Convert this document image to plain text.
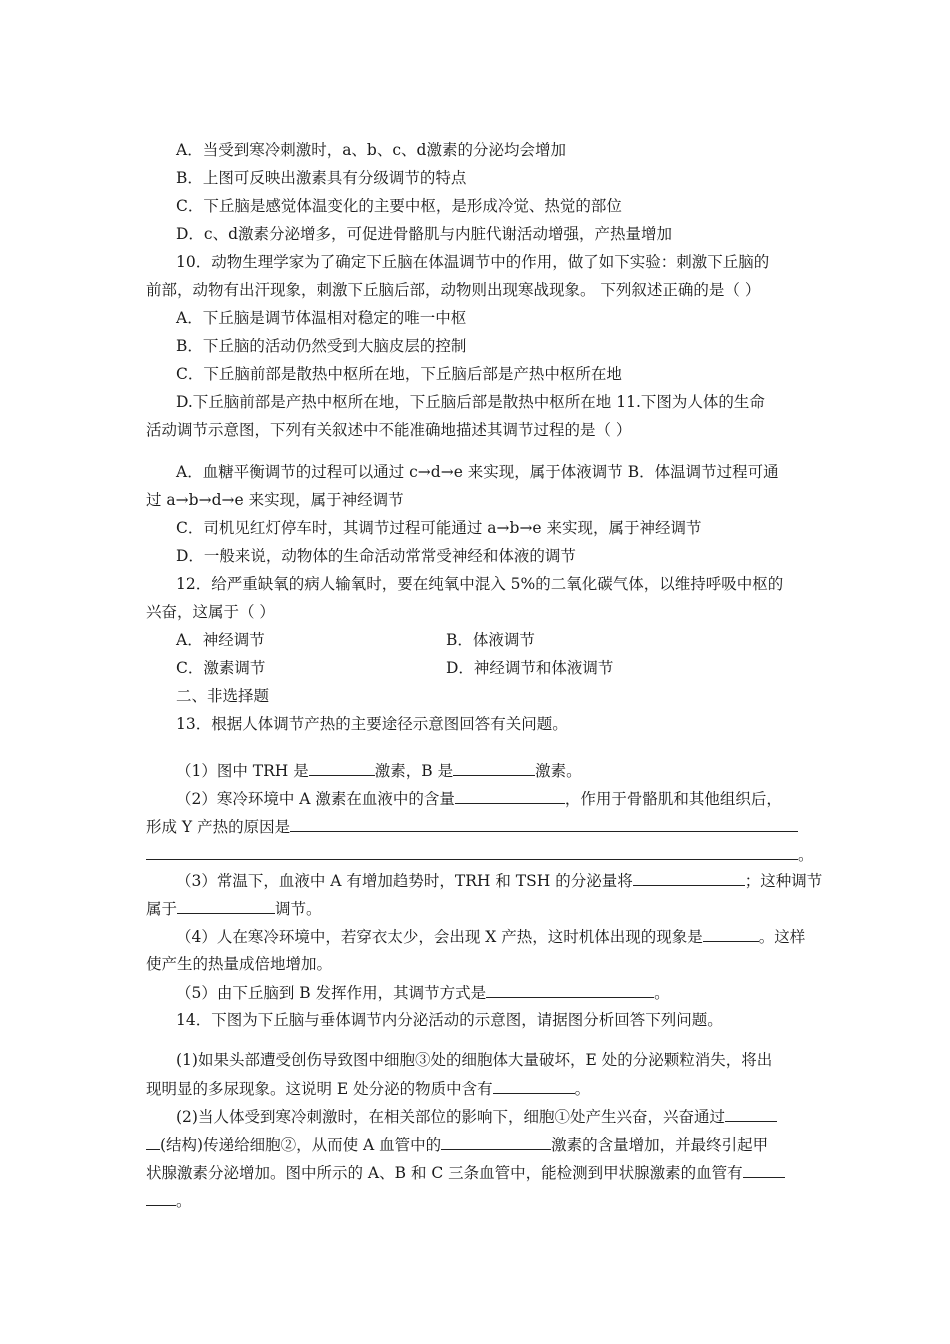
A．当受到寒冷刺激时，a、b、c、d激素的分泌均会增加
B．上图可反映出激素具有分级调节的特点
C．下丘脑是感觉体温变化的主要中枢，是形成冷觉、热觉的部位
D．c、d激素分泌增多，可促进骨骼肌与内脏代谢活动增强，产热量增加
10．动物生理学家为了确定下丘脑在体温调节中的作用，做了如下实验：刺激下丘脑的
前部，动物有出汗现象，刺激下丘脑后部，动物则出现寒战现象。 下列叙述正确的是（ ）
A．下丘脑是调节体温相对稳定的唯一中枢
B．下丘脑的活动仍然受到大脑皮层的控制
C．下丘脑前部是散热中枢所在地，下丘脑后部是产热中枢所在地
D.下丘脑前部是产热中枢所在地，下丘脑后部是散热中枢所在地 11.下图为人体的生命
活动调节示意图，下列有关叙述中不能准确地描述其调节过程的是（ ）
A．血糖平衡调节的过程可以通过 c→d→e 来实现，属于体液调节 B．体温调节过程可通
过 a→b→d→e 来实现，属于神经调节
C．司机见红灯停车时，其调节过程可能通过 a→b→e 来实现，属于神经调节
D．一般来说，动物体的生命活动常常受神经和体液的调节
12．给严重缺氧的病人输氧时，要在纯氧中混入 5%的二氧化碳气体，以维持呼吸中枢的
兴奋，这属于（ ）
A．神经调节	B．体液调节
C．激素调节	D．神经调节和体液调节
二、非选择题
13．根据人体调节产热的主要途径示意图回答有关问题。
（1）图中 TRH 是	激素，B 是	激素。
（2）寒冷环境中 A 激素在血液中的含量	，作用于骨骼肌和其他组织后，
形成 Y 产热的原因是
。
（3）常温下，血液中 A 有增加趋势时，TRH 和 TSH 的分泌量将	；这种调节
属于	调节。
（4）人在寒冷环境中，若穿衣太少，会出现 X 产热，这时机体出现的现象是	。这样
使产生的热量成倍地增加。
（5）由下丘脑到 B 发挥作用，其调节方式是	。
14．下图为下丘脑与垂体调节内分泌活动的示意图，请据图分析回答下列问题。
(1)如果头部遭受创伤导致图中细胞③处的细胞体大量破坏，E 处的分泌颗粒消失，将出
现明显的多尿现象。这说明 E 处分泌的物质中含有	。
(2)当人体受到寒冷刺激时，在相关部位的影响下，细胞①处产生兴奋，兴奋通过
(结构)传递给细胞②，从而使 A 血管中的	激素的含量增加，并最终引起甲
状腺激素分泌增加。图中所示的 A、B 和 C 三条血管中，能检测到甲状腺激素的血管有
。
